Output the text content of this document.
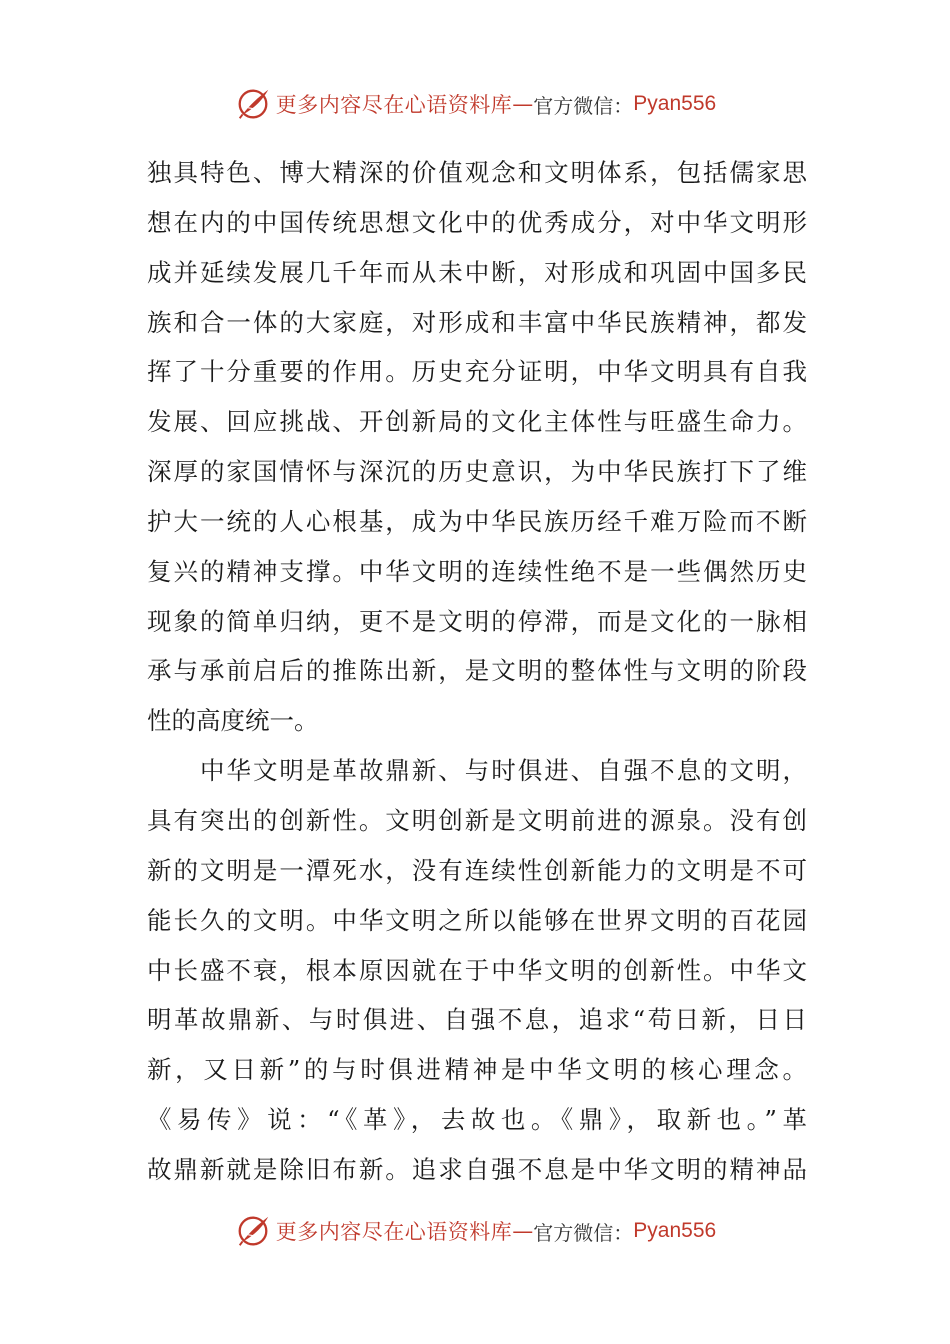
更多内容尽在心语资料库 — 官方微信： Pyan556
独具特色、博大精深的价值观念和文明体系，包括儒家思
想在内的中国传统思想文化中的优秀成分，对中华文明形
成并延续发展几千年而从未中断，对形成和巩固中国多民
族和合一体的大家庭，对形成和丰富中华民族精神，都发
挥了十分重要的作用。历史充分证明，中华文明具有自我
发展、回应挑战、开创新局的文化主体性与旺盛生命力。
深厚的家国情怀与深沉的历史意识，为中华民族打下了维
护大一统的人心根基，成为中华民族历经千难万险而不断
复兴的精神支撑。中华文明的连续性绝不是一些偶然历史
现象的简单归纳，更不是文明的停滞，而是文化的一脉相
承与承前启后的推陈出新，是文明的整体性与文明的阶段
性的高度统一。
中华文明是革故鼎新、与时俱进、自强不息的文明，
具有突出的创新性。文明创新是文明前进的源泉。没有创
新的文明是一潭死水，没有连续性创新能力的文明是不可
能长久的文明。中华文明之所以能够在世界文明的百花园
中长盛不衰，根本原因就在于中华文明的创新性。中华文
明革故鼎新、与时俱进、自强不息，追求“苟日新，日日
新，又日新”的与时俱进精神是中华文明的核心理念。
《易传》说：“《革》，去故也。《鼎》，取新也。”革
故鼎新就是除旧布新。追求自强不息是中华文明的精神品
更多内容尽在心语资料库 — 官方微信： Pyan556
